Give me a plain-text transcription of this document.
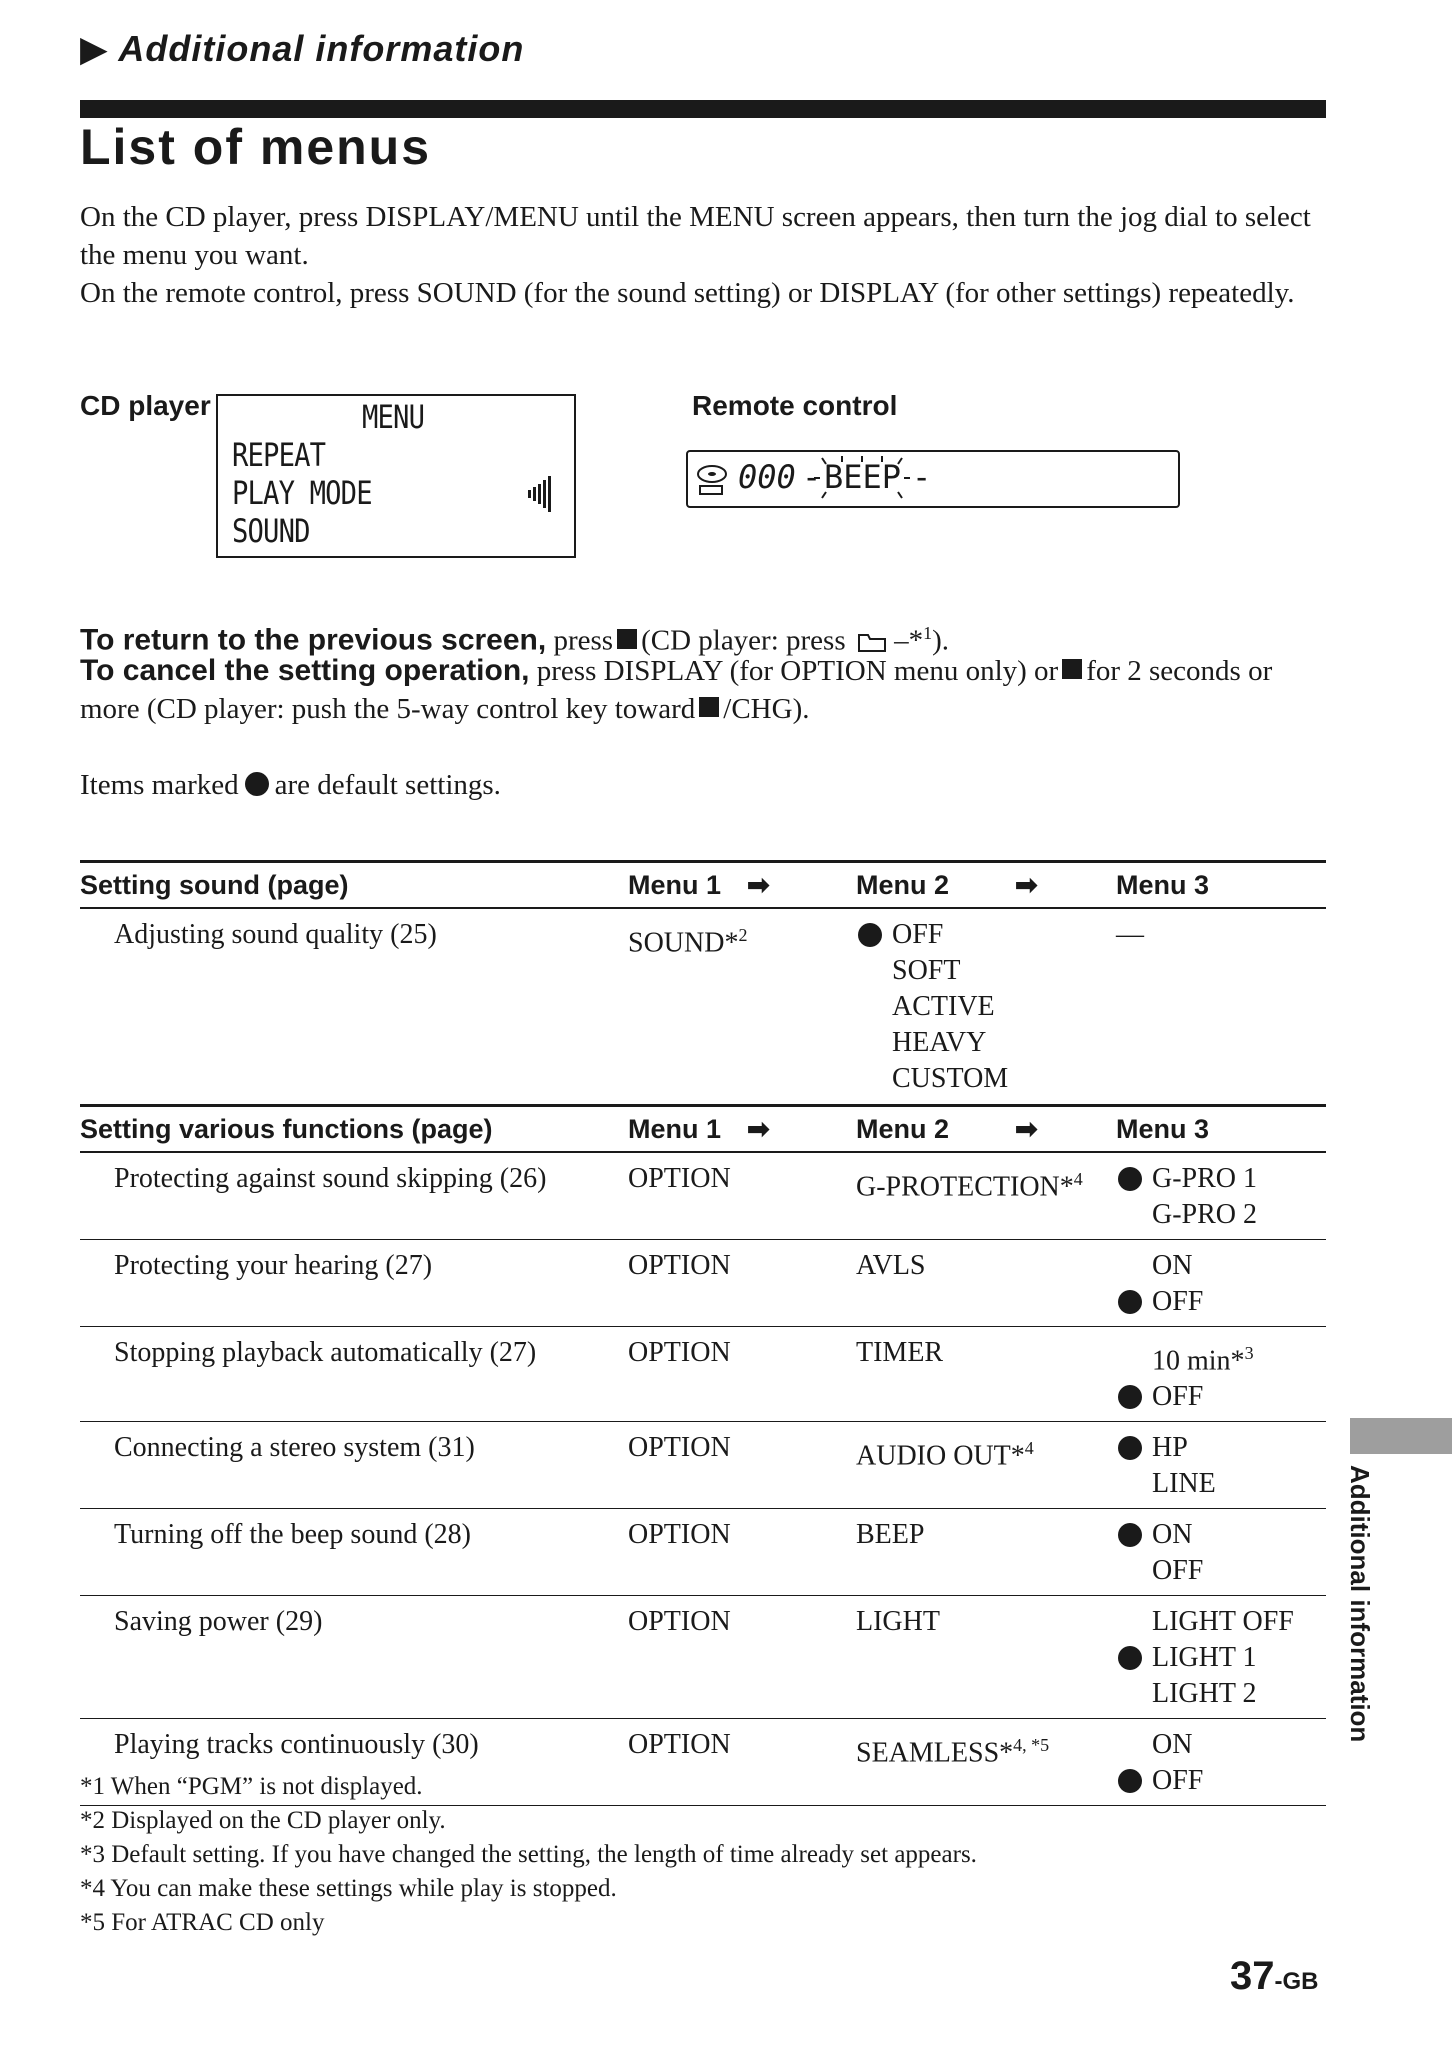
▶ Additional information
List of menus

On the CD player, press DISPLAY/MENU until the MENU screen appears, then turn the jog dial to select the menu you want.

On the remote control, press SOUND (for the sound setting) or DISPLAY (for other settings) repeatedly.

CD player	MENU
REPEAT
PLAY MODE
SOUND
Remote control
000 - BEEP -
To return to the previous screen, press (CD player: press –*$^1$).
To cancel the setting operation, press DISPLAY (for OPTION menu only) or for 2 seconds or more (CD player: push the 5-way control key toward /CHG).
Items marked are default settings.
Setting sound (page)	Menu 1 ➡	Menu 2 ➡	Menu 3
Adjusting sound quality (25)	SOUND*$^2$	OFF
SOFT
ACTIVE
HEAVY
CUSTOM	—
Setting various functions (page)	Menu 1 ➡	Menu 2 ➡	Menu 3
Protecting against sound skipping (26)	OPTION	G-PROTECTION*$^4$	G-PRO 1
G-PRO 2

Protecting your hearing (27)	OPTION	AVLS	ON
OFF

Stopping playback automatically (27)	OPTION	TIMER	10 min*$^3$
OFF

Connecting a stereo system (31)	OPTION	AUDIO OUT*$^4$	HP
LINE

Turning off the beep sound (28)	OPTION	BEEP	ON
OFF

Saving power (29)	OPTION	LIGHT	LIGHT OFF
LIGHT 1
LIGHT 2

Playing tracks continuously (30)	OPTION	SEAMLESS*$^{4, *5}$	ON
OFF
*1 When “PGM” is not displayed.
*2 Displayed on the CD player only.
*3 Default setting. If you have changed the setting, the length of time already set appears.
*4 You can make these settings while play is stopped.
*5 For ATRAC CD only
Additional information
37-GB
